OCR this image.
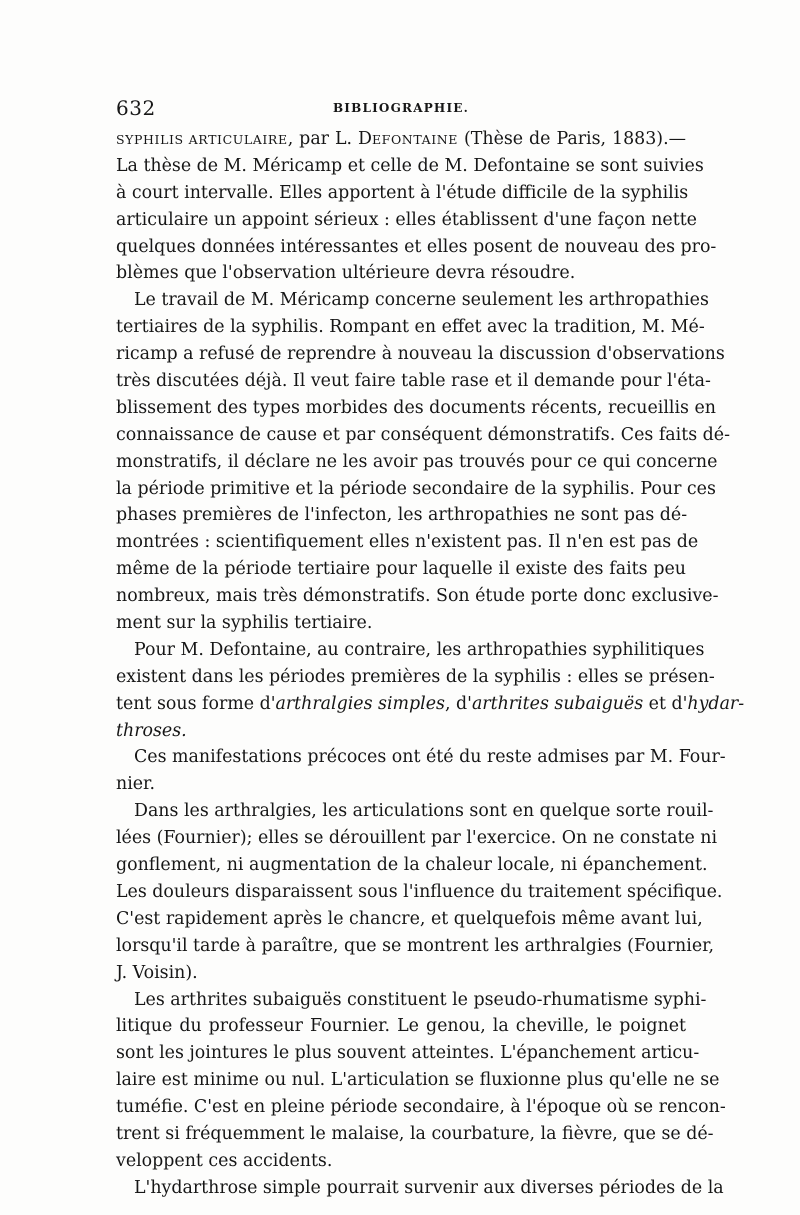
632	BIBLIOGRAPHIE.
SYPHILIS ARTICULAIRE, par L. DEFONTAINE (Thèse de Paris, 1883).—
La thèse de M. Méricamp et celle de M. Defontaine se sont suivies
à court intervalle. Elles apportent à l'étude difficile de la syphilis
articulaire un appoint sérieux : elles établissent d'une façon nette
quelques données intéressantes et elles posent de nouveau des pro-
blèmes que l'observation ultérieure devra résoudre.
Le travail de M. Méricamp concerne seulement les arthropathies
tertiaires de la syphilis. Rompant en effet avec la tradition, M. Mé-
ricamp a refusé de reprendre à nouveau la discussion d'observations
très discutées déjà. Il veut faire table rase et il demande pour l'éta-
blissement des types morbides des documents récents, recueillis en
connaissance de cause et par conséquent démonstratifs. Ces faits dé-
monstratifs, il déclare ne les avoir pas trouvés pour ce qui concerne
la période primitive et la période secondaire de la syphilis. Pour ces
phases premières de l'infecton, les arthropathies ne sont pas dé-
montrées : scientifiquement elles n'existent pas. Il n'en est pas de
même de la période tertiaire pour laquelle il existe des faits peu
nombreux, mais très démonstratifs. Son étude porte donc exclusive-
ment sur la syphilis tertiaire.
Pour M. Defontaine, au contraire, les arthropathies syphilitiques
existent dans les périodes premières de la syphilis : elles se présen-
tent sous forme d'arthralgies simples, d'arthrites subaiguës et d'hydar-
throses.
Ces manifestations précoces ont été du reste admises par M. Four-
nier.
Dans les arthralgies, les articulations sont en quelque sorte rouil-
lées (Fournier); elles se dérouillent par l'exercice. On ne constate ni
gonflement, ni augmentation de la chaleur locale, ni épanchement.
Les douleurs disparaissent sous l'influence du traitement spécifique.
C'est rapidement après le chancre, et quelquefois même avant lui,
lorsqu'il tarde à paraître, que se montrent les arthralgies (Fournier,
J. Voisin).
Les arthrites subaiguës constituent le pseudo-rhumatisme syphi-
litique du professeur Fournier. Le genou, la cheville, le poignet
sont les jointures le plus souvent atteintes. L'épanchement articu-
laire est minime ou nul. L'articulation se fluxionne plus qu'elle ne se
tuméfie. C'est en pleine période secondaire, à l'époque où se rencon-
trent si fréquemment le malaise, la courbature, la fièvre, que se dé-
veloppent ces accidents.
L'hydarthrose simple pourrait survenir aux diverses périodes de la
